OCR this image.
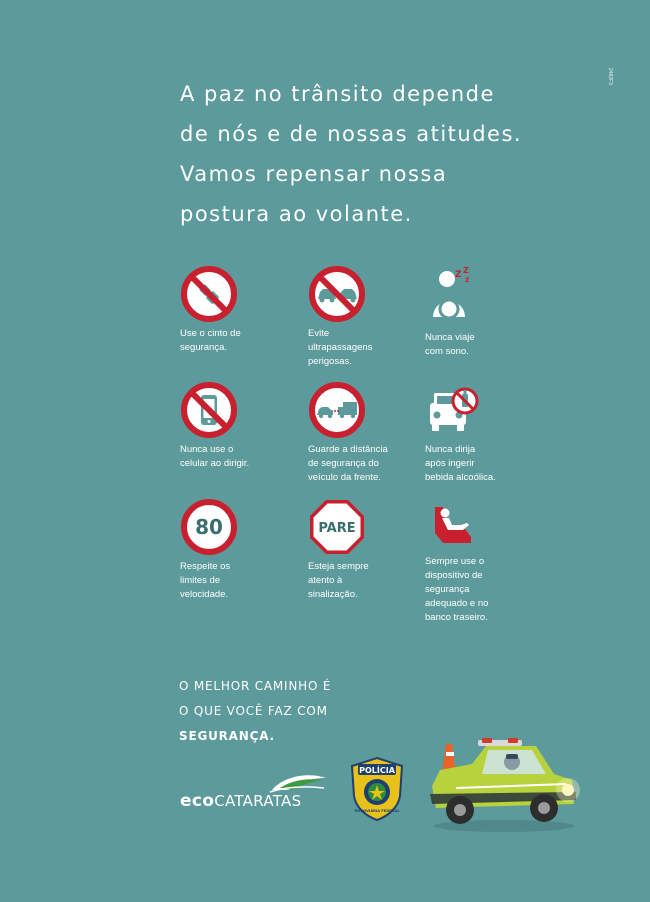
A paz no trânsito depende
de nós e de nossas atitudes.
Vamos repensar nossa
postura ao volante.
2482F3
Use o cinto de
segurança.
Evite
ultrapassagens
perigosas.
Z Z
Z
Nunca viaje
com sono.
Nunca use o
celular ao dirigir.
Guarde a distância
de segurança do
veículo da frente.
Nunca dirija
após ingerir
bebida alcoólica.
80
Respeite os
limites de
velocidade.
PARE
Esteja sempre
atento à
sinalização.
Sempre use o
dispositivo de
segurança
adequado e no
banco traseiro.
O MELHOR CAMINHO É
O QUE VOCÊ FAZ COM
SEGURANÇA.
ecoCATARATAS
POLÍCIA
RODOVIÁRIA FEDERAL
